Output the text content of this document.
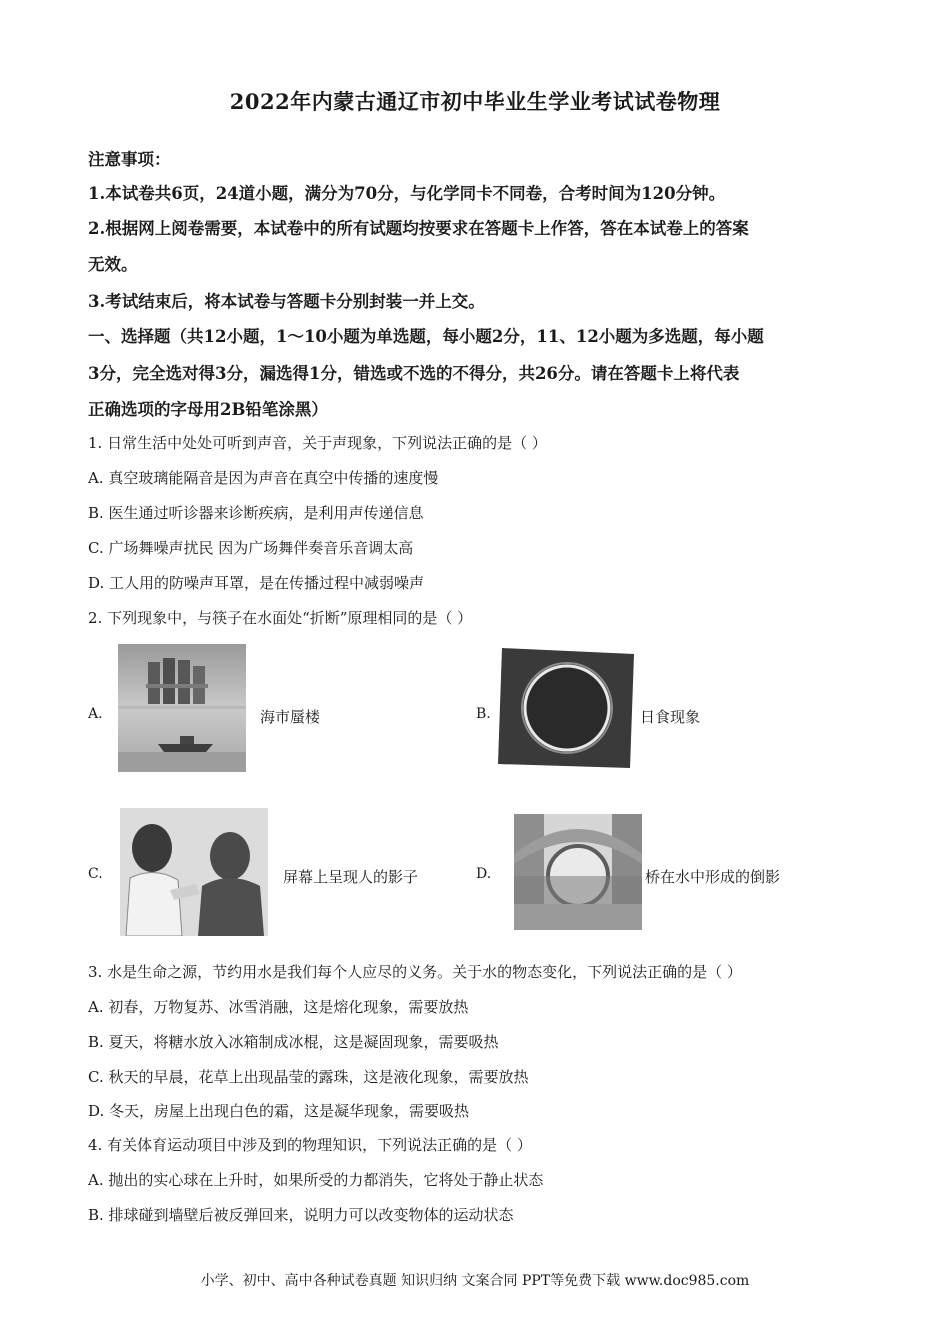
2022年内蒙古通辽市初中毕业生学业考试试卷物理
注意事项：
1.本试卷共6页，24道小题，满分为70分，与化学同卡不同卷，合考时间为120分钟。
2.根据网上阅卷需要，本试卷中的所有试题均按要求在答题卡上作答，答在本试卷上的答案
无效。
3.考试结束后，将本试卷与答题卡分别封装一并上交。
一、选择题（共12小题，1～10小题为单选题，每小题2分，11、12小题为多选题，每小题
3分，完全选对得3分，漏选得1分，错选或不选的不得分，共26分。请在答题卡上将代表
正确选项的字母用2B铅笔涂黑）
1. 日常生活中处处可听到声音，关于声现象，下列说法正确的是（ ）
A. 真空玻璃能隔音是因为声音在真空中传播的速度慢
B. 医生通过听诊器来诊断疾病，是利用声传递信息
C. 广场舞噪声扰民 因为广场舞伴奏音乐音调太高
D. 工人用的防噪声耳罩，是在传播过程中减弱噪声
2. 下列现象中，与筷子在水面处“折断”原理相同的是（ ）
A.	海市蜃楼	B.	日食现象
C.	屏幕上呈现人的影子	D.	桥在水中形成的倒影
3. 水是生命之源，节约用水是我们每个人应尽的义务。关于水的物态变化，下列说法正确的是（ ）
A. 初春，万物复苏、冰雪消融，这是熔化现象，需要放热
B. 夏天，将糖水放入冰箱制成冰棍，这是凝固现象，需要吸热
C. 秋天的早晨，花草上出现晶莹的露珠，这是液化现象，需要放热
D. 冬天，房屋上出现白色的霜，这是凝华现象，需要吸热
4. 有关体育运动项目中涉及到的物理知识，下列说法正确的是（ ）
A. 抛出的实心球在上升时，如果所受的力都消失，它将处于静止状态
B. 排球碰到墙壁后被反弹回来，说明力可以改变物体的运动状态
小学、初中、高中各种试卷真题 知识归纳 文案合同 PPT等免费下载 www.doc985.com
